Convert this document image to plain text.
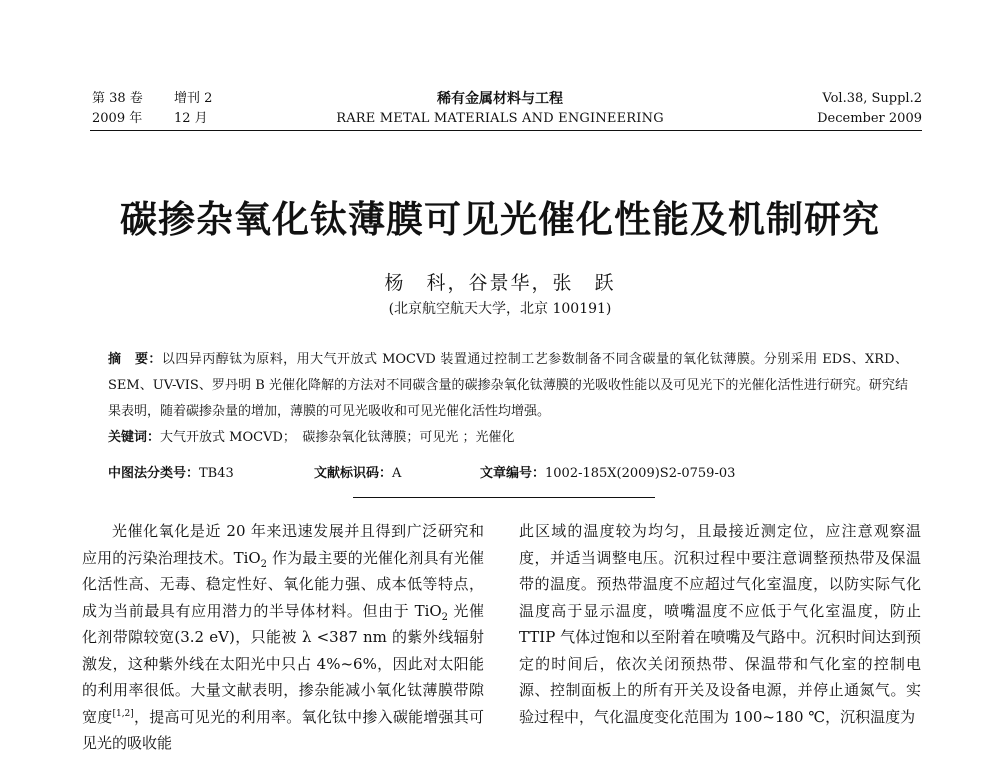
第 38 卷 增刊 2
2009 年 12 月
稀有金属材料与工程
RARE METAL MATERIALS AND ENGINEERING
Vol.38, Suppl.2
December 2009
碳掺杂氧化钛薄膜可见光催化性能及机制研究
杨　科，谷景华，张　跃
(北京航空航天大学，北京 100191)
摘　要：以四异丙醇钛为原料，用大气开放式 MOCVD 装置通过控制工艺参数制备不同含碳量的氧化钛薄膜。分别采用 EDS、XRD、SEM、UV-VIS、罗丹明 B 光催化降解的方法对不同碳含量的碳掺杂氧化钛薄膜的光吸收性能以及可见光下的光催化活性进行研究。研究结果表明，随着碳掺杂量的增加，薄膜的可见光吸收和可见光催化活性均增强。
关键词：大气开放式 MOCVD；　碳掺杂氧化钛薄膜；可见光 ；光催化
中图法分类号：TB43	文献标识码：A	文章编号：1002-185X(2009)S2-0759-03
光催化氧化是近 20 年来迅速发展并且得到广泛研究和应用的污染治理技术。TiO$_2$ 作为最主要的光催化剂具有光催化活性高、无毒、稳定性好、氧化能力强、成本低等特点，成为当前最具有应用潜力的半导体材料。但由于 TiO$_2$ 光催化剂带隙较宽(3.2 eV)，只能被 λ <387 nm 的紫外线辐射激发，这种紫外线在太阳光中只占 4%~6%，因此对太阳能的利用率很低。大量文献表明，掺杂能减小氧化钛薄膜带隙宽度[1,2]，提高可见光的利用率。氧化钛中掺入碳能增强其可见光的吸收能
此区域的温度较为均匀，且最接近测定位，应注意观察温度，并适当调整电压。沉积过程中要注意调整预热带及保温带的温度。预热带温度不应超过气化室温度，以防实际气化温度高于显示温度，喷嘴温度不应低于气化室温度，防止 TTIP 气体过饱和以至附着在喷嘴及气路中。沉积时间达到预定的时间后，依次关闭预热带、保温带和气化室的控制电源、控制面板上的所有开关及设备电源，并停止通氮气。实验过程中，气化温度变化范围为 100~180 ℃，沉积温度为
